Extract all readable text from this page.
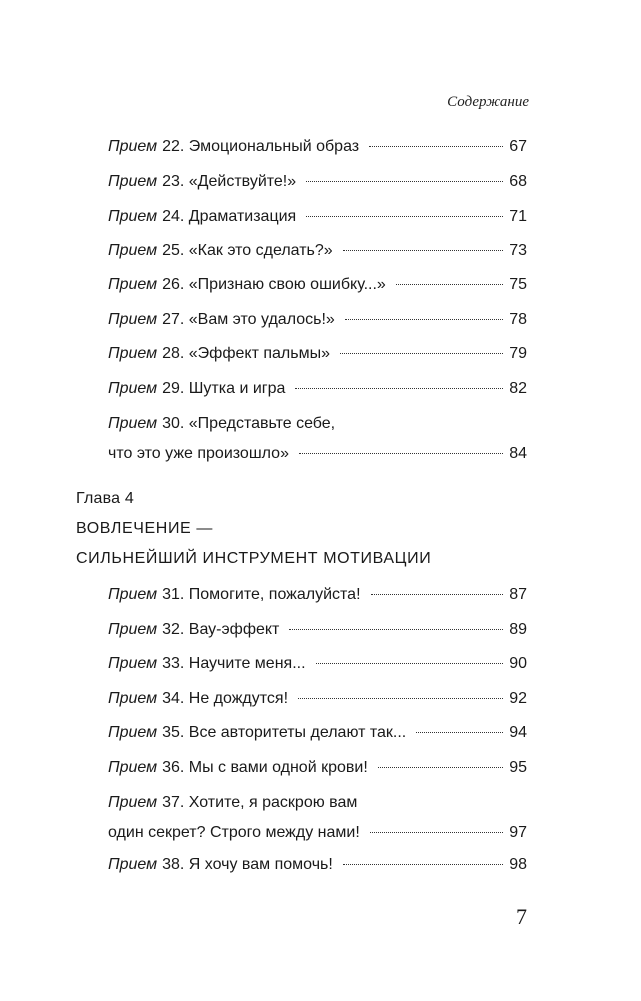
Содержание
Прием 22. Эмоциональный образ	67
Прием 23. «Действуйте!»	68
Прием 24. Драматизация	71
Прием 25. «Как это сделать?»	73
Прием 26. «Признаю свою ошибку...»	75
Прием 27. «Вам это удалось!»	78
Прием 28. «Эффект пальмы»	79
Прием 29. Шутка и игра	82
Прием 30. «Представьте себе,
что это уже произошло»	84
Глава 4
ВОВЛЕЧЕНИЕ —
СИЛЬНЕЙШИЙ ИНСТРУМЕНТ МОТИВАЦИИ
Прием 31. Помогите, пожалуйста!	87
Прием 32. Вау-эффект	89
Прием 33. Научите меня...	90
Прием 34. Не дождутся!	92
Прием 35. Все авторитеты делают так...	94
Прием 36. Мы с вами одной крови!	95
Прием 37. Хотите, я раскрою вам
один секрет? Строго между нами!	97
Прием 38. Я хочу вам помочь!	98
7
